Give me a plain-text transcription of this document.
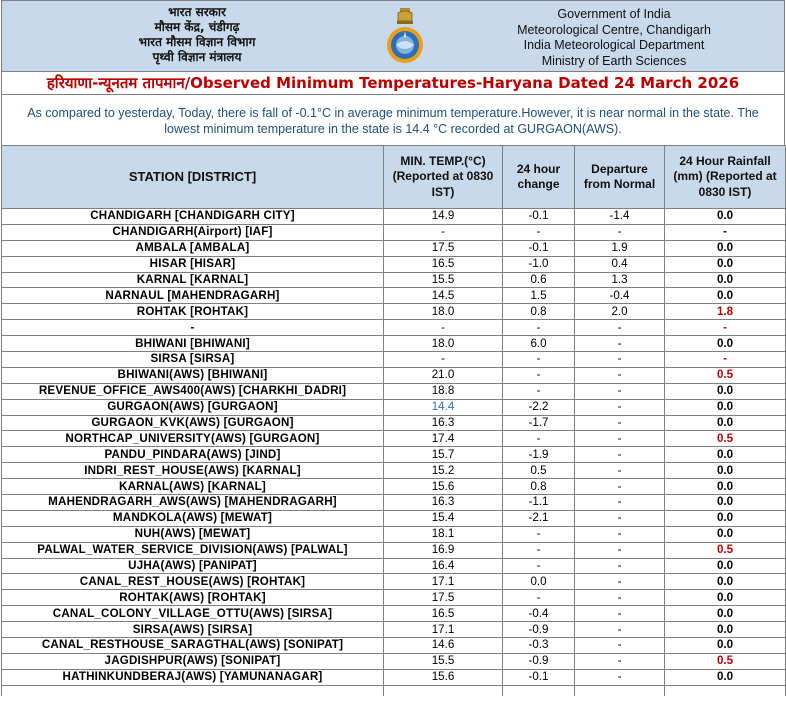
भारत सरकार
मौसम केंद्र, चंडीगढ़
भारत मौसम विज्ञान विभाग
पृथ्वी विज्ञान मंत्रालय
Government of India
Meteorological Centre, Chandigarh
India Meteorological Department
Ministry of Earth Sciences
हरियाणा-न्यूनतम तापमान/Observed Minimum Temperatures-Haryana Dated 24 March 2026
As compared to yesterday, Today, there is fall of -0.1°C in average minimum temperature.However, it is near normal in the state. The lowest minimum temperature in the state is 14.4 °C recorded at GURGAON(AWS).
STATION [DISTRICT]	MIN. TEMP.(°C) (Reported at 0830 IST)	24 hour change	Departure from Normal	24 Hour Rainfall (mm) (Reported at 0830 IST)

CHANDIGARH [CHANDIGARH CITY]	14.9	-0.1	-1.4	0.0
CHANDIGARH(Airport) [IAF]	-	-	-	-
AMBALA [AMBALA]	17.5	-0.1	1.9	0.0
HISAR [HISAR]	16.5	-1.0	0.4	0.0
KARNAL [KARNAL]	15.5	0.6	1.3	0.0
NARNAUL [MAHENDRAGARH]	14.5	1.5	-0.4	0.0
ROHTAK [ROHTAK]	18.0	0.8	2.0	1.8
-	-	-	-	-
BHIWANI [BHIWANI]	18.0	6.0	-	0.0
SIRSA [SIRSA]	-	-	-	-
BHIWANI(AWS) [BHIWANI]	21.0	-	-	0.5
REVENUE_OFFICE_AWS400(AWS) [CHARKHI_DADRI]	18.8	-	-	0.0
GURGAON(AWS) [GURGAON]	14.4	-2.2	-	0.0
GURGAON_KVK(AWS) [GURGAON]	16.3	-1.7	-	0.0
NORTHCAP_UNIVERSITY(AWS) [GURGAON]	17.4	-	-	0.5
PANDU_PINDARA(AWS) [JIND]	15.7	-1.9	-	0.0
INDRI_REST_HOUSE(AWS) [KARNAL]	15.2	0.5	-	0.0
KARNAL(AWS) [KARNAL]	15.6	0.8	-	0.0
MAHENDRAGARH_AWS(AWS) [MAHENDRAGARH]	16.3	-1.1	-	0.0
MANDKOLA(AWS) [MEWAT]	15.4	-2.1	-	0.0
NUH(AWS) [MEWAT]	18.1	-	-	0.0
PALWAL_WATER_SERVICE_DIVISION(AWS) [PALWAL]	16.9	-	-	0.5
UJHA(AWS) [PANIPAT]	16.4	-	-	0.0
CANAL_REST_HOUSE(AWS) [ROHTAK]	17.1	0.0	-	0.0
ROHTAK(AWS) [ROHTAK]	17.5	-	-	0.0
CANAL_COLONY_VILLAGE_OTTU(AWS) [SIRSA]	16.5	-0.4	-	0.0
SIRSA(AWS) [SIRSA]	17.1	-0.9	-	0.0
CANAL_RESTHOUSE_SARAGTHAL(AWS) [SONIPAT]	14.6	-0.3	-	0.0
JAGDISHPUR(AWS) [SONIPAT]	15.5	-0.9	-	0.5
HATHINKUNDBERAJ(AWS) [YAMUNANAGAR]	15.6	-0.1	-	0.0
